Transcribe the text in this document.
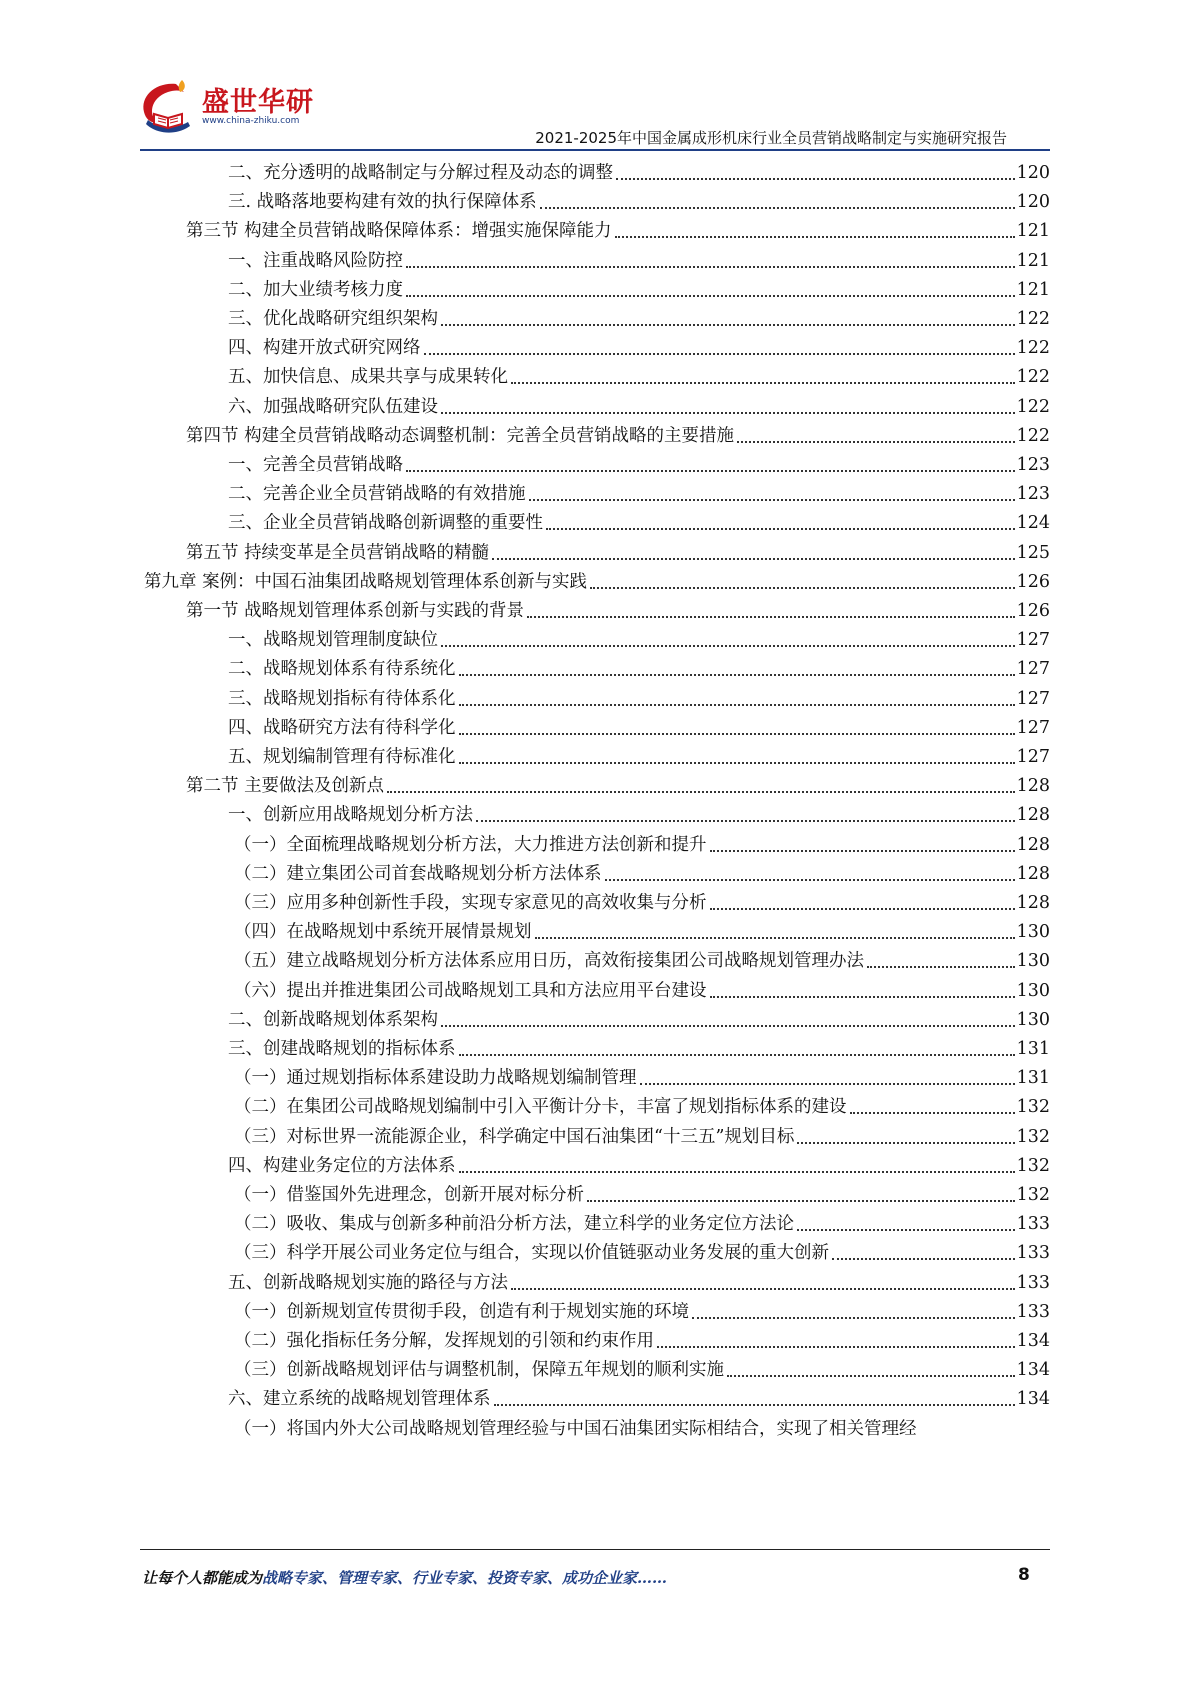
盛世华研
www.china-zhiku.com
2021-2025年中国金属成形机床行业全员营销战略制定与实施研究报告
二、充分透明的战略制定与分解过程及动态的调整	120
三. 战略落地要构建有效的执行保障体系	120
第三节 构建全员营销战略保障体系：增强实施保障能力	121
一、注重战略风险防控	121
二、加大业绩考核力度	121
三、优化战略研究组织架构	122
四、构建开放式研究网络	122
五、加快信息、成果共享与成果转化	122
六、加强战略研究队伍建设	122
第四节 构建全员营销战略动态调整机制：完善全员营销战略的主要措施	122
一、完善全员营销战略	123
二、完善企业全员营销战略的有效措施	123
三、企业全员营销战略创新调整的重要性	124
第五节 持续变革是全员营销战略的精髓	125
第九章 案例：中国石油集团战略规划管理体系创新与实践	126
第一节 战略规划管理体系创新与实践的背景	126
一、战略规划管理制度缺位	127
二、战略规划体系有待系统化	127
三、战略规划指标有待体系化	127
四、战略研究方法有待科学化	127
五、规划编制管理有待标准化	127
第二节 主要做法及创新点	128
一、创新应用战略规划分析方法	128
（一）全面梳理战略规划分析方法，大力推进方法创新和提升	128
（二）建立集团公司首套战略规划分析方法体系	128
（三）应用多种创新性手段，实现专家意见的高效收集与分析	128
（四）在战略规划中系统开展情景规划	130
（五）建立战略规划分析方法体系应用日历，高效衔接集团公司战略规划管理办法	130
（六）提出并推进集团公司战略规划工具和方法应用平台建设	130
二、创新战略规划体系架构	130
三、创建战略规划的指标体系	131
（一）通过规划指标体系建设助力战略规划编制管理	131
（二）在集团公司战略规划编制中引入平衡计分卡，丰富了规划指标体系的建设	132
（三）对标世界一流能源企业，科学确定中国石油集团“十三五”规划目标	132
四、构建业务定位的方法体系	132
（一）借鉴国外先进理念，创新开展对标分析	132
（二）吸收、集成与创新多种前沿分析方法，建立科学的业务定位方法论	133
（三）科学开展公司业务定位与组合，实现以价值链驱动业务发展的重大创新	133
五、创新战略规划实施的路径与方法	133
（一）创新规划宣传贯彻手段，创造有利于规划实施的环境	133
（二）强化指标任务分解，发挥规划的引领和约束作用	134
（三）创新战略规划评估与调整机制，保障五年规划的顺利实施	134
六、建立系统的战略规划管理体系	134
（一）将国内外大公司战略规划管理经验与中国石油集团实际相结合，实现了相关管理经
让每个人都能成为战略专家、管理专家、行业专家、投资专家、成功企业家……	8
